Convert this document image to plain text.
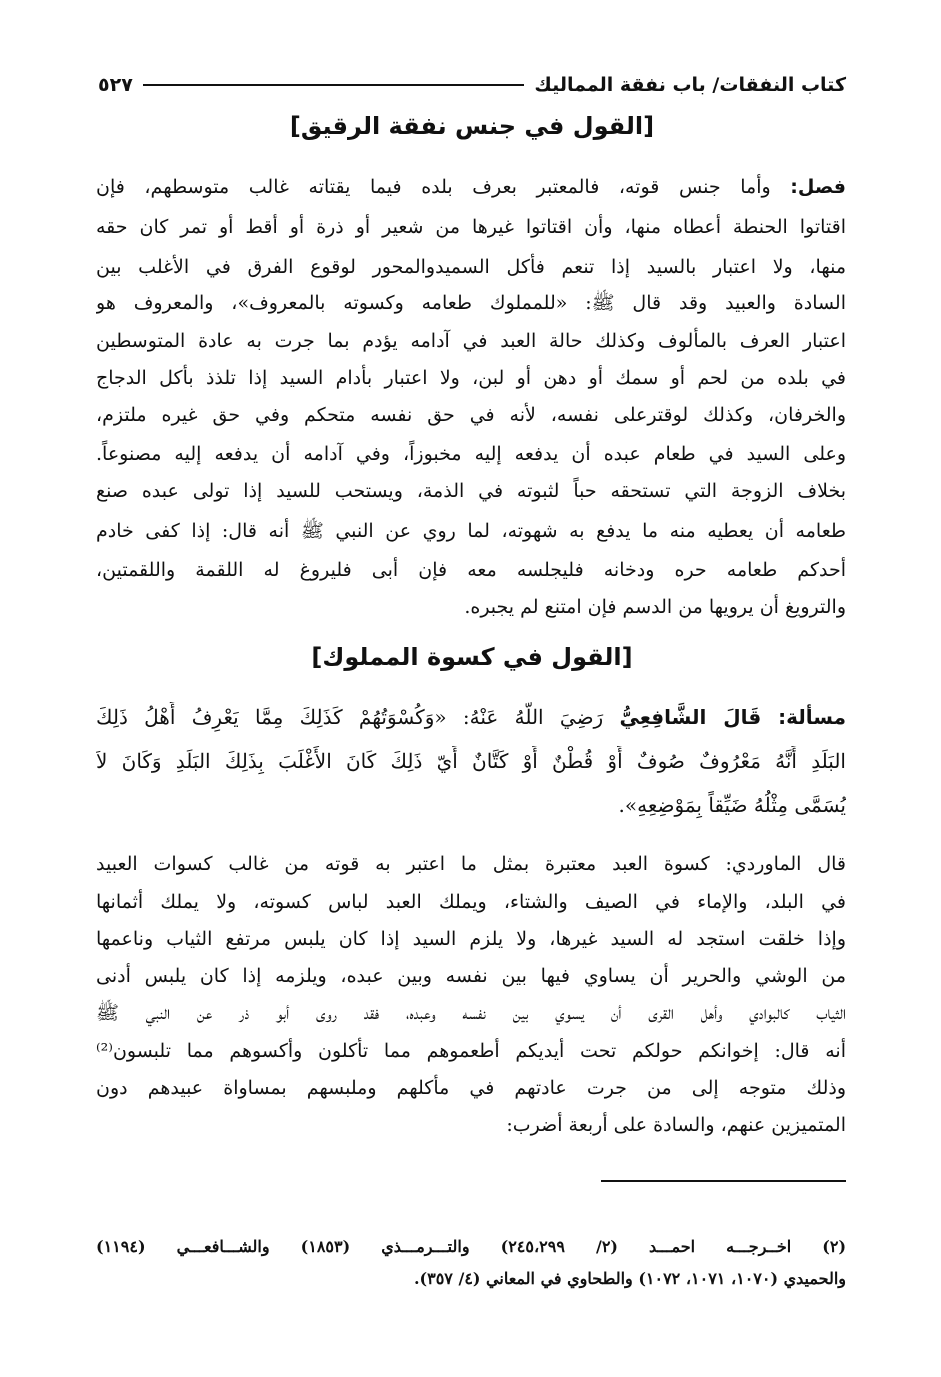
كتاب النفقات/ باب نفقة المماليك
٥٢٧
[القول في جنس نفقة الرقيق]
فصل: وأما جنس قوته، فالمعتبر بعرف بلده فيما يقتاته غالب متوسطهم، فإن
اقتاتوا الحنطة أعطاه منها، وأن اقتاتوا غيرها من شعير أو ذرة أو أقط أو تمر كان حقه
منها، ولا اعتبار بالسيد إذا تنعم فأكل السميدوالمحور لوقوع الفرق في الأغلب بين
السادة والعبيد وقد قال ﷺ: «للمملوك طعامه وكسوته بالمعروف»، والمعروف هو
اعتبار العرف بالمألوف وكذلك حالة العبد في آدامه يؤدم بما جرت به عادة المتوسطين
في بلده من لحم أو سمك أو دهن أو لبن، ولا اعتبار بأدام السيد إذا تلذذ بأكل الدجاج
والخرفان، وكذلك لوقترعلى نفسه، لأنه في حق نفسه متحكم وفي حق غيره ملتزم،
وعلى السيد في طعام عبده أن يدفعه إليه مخبوزاً، وفي آدامه أن يدفعه إليه مصنوعاً.
بخلاف الزوجة التي تستحقه حباً لثبوته في الذمة، ويستحب للسيد إذا تولى عبده صنع
طعامه أن يعطيه منه ما يدفع به شهوته، لما روي عن النبي ﷺ أنه قال: إذا كفى خادم
أحدكم طعامه حره ودخانه فليجلسه معه فإن أبى فليروغ له اللقمة واللقمتين،
والترويغ أن يرويها من الدسم فإن امتنع لم يجبره.
[القول في كسوة المملوك]
مسألة: قَالَ الشَّافِعِيُّ رَضِيَ اللَّهُ عَنْهُ: «وَكُسْوَتُهُمْ كَذَلِكَ مِمَّا يَعْرِفُ أَهْلُ ذَلِكَ
البَلَدِ أَنَّهُ مَعْرُوفٌ صُوفٌ أَوْ قُطْنٌ أَوْ كَتَّانٌ أَيّ ذَلِكَ كَانَ الأَغْلَبَ بِذَلِكَ البَلَدِ وَكَانَ لاَ
يُسَمَّى مِثْلُهُ ضَيِّقاً بِمَوْضِعِهِ».
قال الماوردي: كسوة العبد معتبرة بمثل ما اعتبر به قوته من غالب كسوات العبيد
في البلد، والإماء في الصيف والشتاء، ويملك العبد لباس كسوته، ولا يملك أثمانها
وإذا خلقت استجد له السيد غيرها، ولا يلزم السيد إذا كان يلبس مرتفع الثياب وناعمها
من الوشي والحرير أن يساوي فيها بين نفسه وبين عبده، ويلزمه إذا كان يلبس أدنى
الثياب كالبوادي وأهل القرى أن يسوي بين نفسه وعبده، فقد روى أبو ذر عن النبي ﷺ
أنه قال: إخوانكم حولكم تحت أيديكم أطعموهم مما تأكلون وأكسوهم مما تلبسون⁽²⁾
وذلك متوجه إلى من جرت عادتهم في مأكلهم وملبسهم بمساواة عبيدهم دون
المتميزين عنهم، والسادة على أربعة أضرب:
(٢) اخــرجـــه احمـــد (٢/ ٢٤٥،٢٩٩) والتـــرمـــذي (١٨٥٣) والشـــافعـــي (١١٩٤)
والحميدي (١٠٧٠، ١٠٧١، ١٠٧٢) والطحاوي في المعاني (٤/ ٣٥٧).
